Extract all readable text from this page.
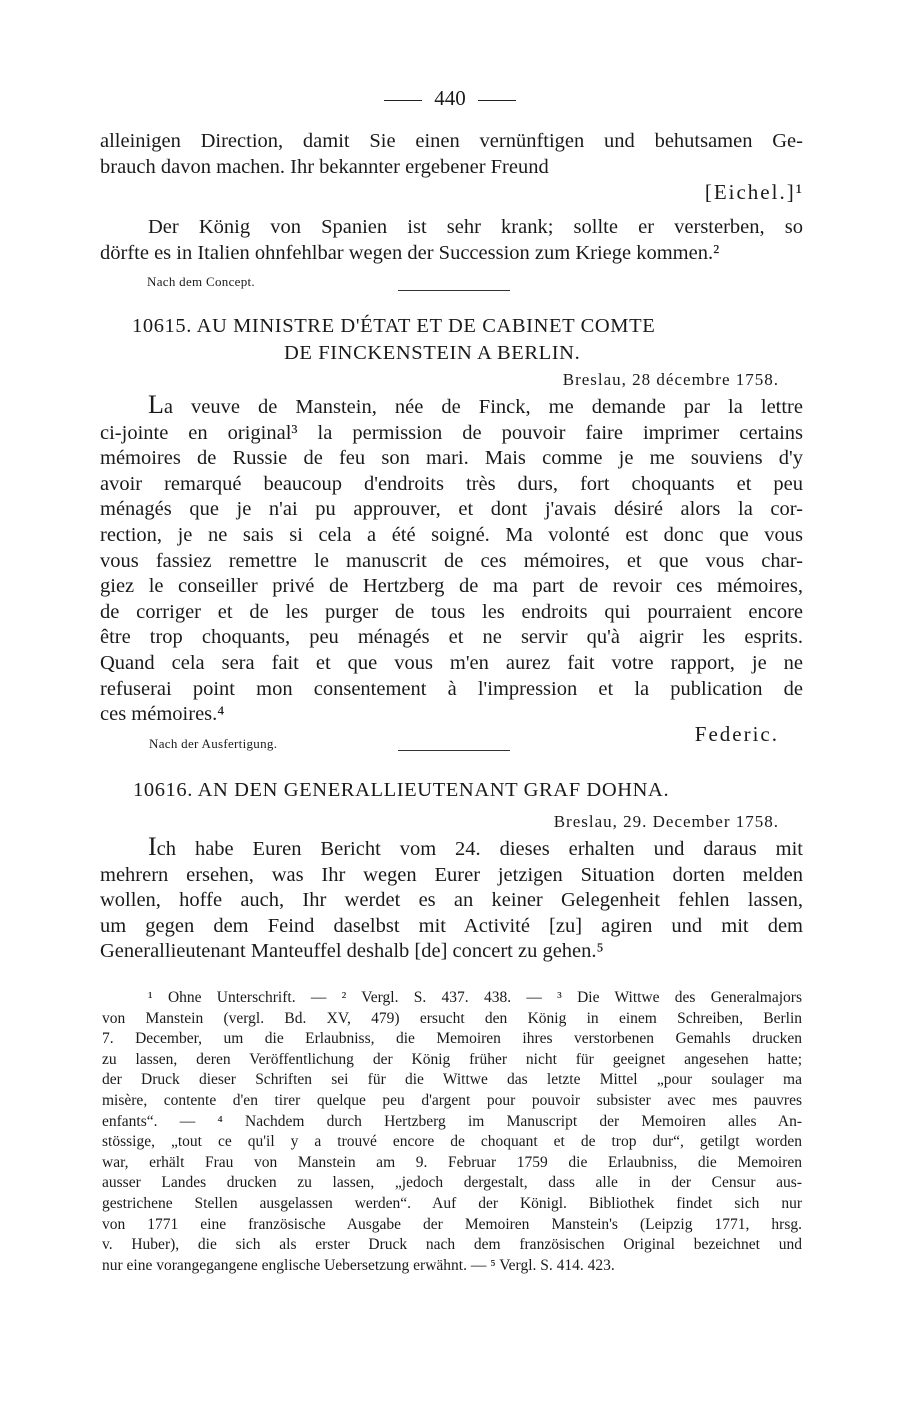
440
alleinigen Direction, damit Sie einen vernünftigen und behutsamen Ge-
brauch davon machen. Ihr bekannter ergebener Freund
[Eichel.]¹
Der König von Spanien ist sehr krank; sollte er versterben, so
dörfte es in Italien ohnfehlbar wegen der Succession zum Kriege kommen.²
Nach dem Concept.
10615. AU MINISTRE D'ÉTAT ET DE CABINET COMTE
DE FINCKENSTEIN A BERLIN.
Breslau, 28 décembre 1758.
La veuve de Manstein, née de Finck, me demande par la lettre
ci-jointe en original³ la permission de pouvoir faire imprimer certains
mémoires de Russie de feu son mari. Mais comme je me souviens d'y
avoir remarqué beaucoup d'endroits très durs, fort choquants et peu
ménagés que je n'ai pu approuver, et dont j'avais désiré alors la cor-
rection, je ne sais si cela a été soigné. Ma volonté est donc que vous
vous fassiez remettre le manuscrit de ces mémoires, et que vous char-
giez le conseiller privé de Hertzberg de ma part de revoir ces mémoires,
de corriger et de les purger de tous les endroits qui pourraient encore
être trop choquants, peu ménagés et ne servir qu'à aigrir les esprits.
Quand cela sera fait et que vous m'en aurez fait votre rapport, je ne
refuserai point mon consentement à l'impression et la publication de
ces mémoires.⁴
Nach der Ausfertigung.	Federic.
10616. AN DEN GENERALLIEUTENANT GRAF DOHNA.
Breslau, 29. December 1758.
Ich habe Euren Bericht vom 24. dieses erhalten und daraus mit
mehrern ersehen, was Ihr wegen Eurer jetzigen Situation dorten melden
wollen, hoffe auch, Ihr werdet es an keiner Gelegenheit fehlen lassen,
um gegen dem Feind daselbst mit Activité [zu] agiren und mit dem
Generallieutenant Manteuffel deshalb [de] concert zu gehen.⁵
¹ Ohne Unterschrift. — ² Vergl. S. 437. 438. — ³ Die Wittwe des Generalmajors
von Manstein (vergl. Bd. XV, 479) ersucht den König in einem Schreiben, Berlin
7. December, um die Erlaubniss, die Memoiren ihres verstorbenen Gemahls drucken
zu lassen, deren Veröffentlichung der König früher nicht für geeignet angesehen hatte;
der Druck dieser Schriften sei für die Wittwe das letzte Mittel „pour soulager ma
misère, contente d'en tirer quelque peu d'argent pour pouvoir subsister avec mes pauvres
enfants“. — ⁴ Nachdem durch Hertzberg im Manuscript der Memoiren alles An-
stössige, „tout ce qu'il y a trouvé encore de choquant et de trop dur“, getilgt worden
war, erhält Frau von Manstein am 9. Februar 1759 die Erlaubniss, die Memoiren
ausser Landes drucken zu lassen, „jedoch dergestalt, dass alle in der Censur aus-
gestrichene Stellen ausgelassen werden“. Auf der Königl. Bibliothek findet sich nur
von 1771 eine französische Ausgabe der Memoiren Manstein's (Leipzig 1771, hrsg.
v. Huber), die sich als erster Druck nach dem französischen Original bezeichnet und
nur eine vorangegangene englische Uebersetzung erwähnt. — ⁵ Vergl. S. 414. 423.
